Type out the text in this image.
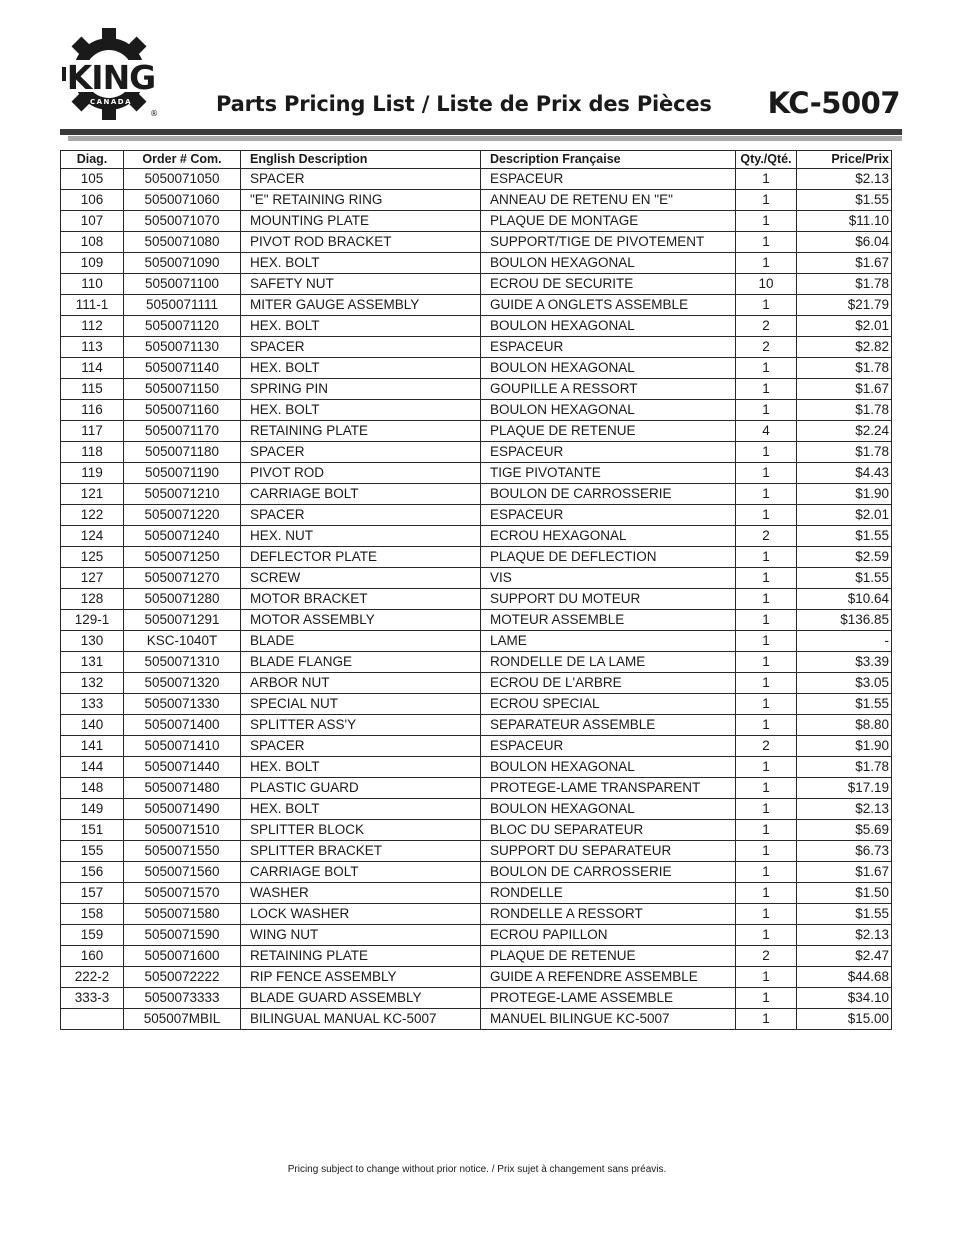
KING
CANADA
®	Parts Pricing List / Liste de Prix des Pièces KC-5007
Diag.	Order # Com.	English Description	Description Française	Qty./Qté.	Price/Prix
105	5050071050	SPACER	ESPACEUR	1	$2.13
106	5050071060	"E" RETAINING RING	ANNEAU DE RETENU EN "E"	1	$1.55
107	5050071070	MOUNTING PLATE	PLAQUE DE MONTAGE	1	$11.10
108	5050071080	PIVOT ROD BRACKET	SUPPORT/TIGE DE PIVOTEMENT	1	$6.04
109	5050071090	HEX. BOLT	BOULON HEXAGONAL	1	$1.67
110	5050071100	SAFETY NUT	ECROU DE SECURITE	10	$1.78
111-1	5050071111	MITER GAUGE ASSEMBLY	GUIDE A ONGLETS ASSEMBLE	1	$21.79
112	5050071120	HEX. BOLT	BOULON HEXAGONAL	2	$2.01
113	5050071130	SPACER	ESPACEUR	2	$2.82
114	5050071140	HEX. BOLT	BOULON HEXAGONAL	1	$1.78
115	5050071150	SPRING PIN	GOUPILLE A RESSORT	1	$1.67
116	5050071160	HEX. BOLT	BOULON HEXAGONAL	1	$1.78
117	5050071170	RETAINING PLATE	PLAQUE DE RETENUE	4	$2.24
118	5050071180	SPACER	ESPACEUR	1	$1.78
119	5050071190	PIVOT ROD	TIGE PIVOTANTE	1	$4.43
121	5050071210	CARRIAGE BOLT	BOULON DE CARROSSERIE	1	$1.90
122	5050071220	SPACER	ESPACEUR	1	$2.01
124	5050071240	HEX. NUT	ECROU HEXAGONAL	2	$1.55
125	5050071250	DEFLECTOR PLATE	PLAQUE DE DEFLECTION	1	$2.59
127	5050071270	SCREW	VIS	1	$1.55
128	5050071280	MOTOR BRACKET	SUPPORT DU MOTEUR	1	$10.64
129-1	5050071291	MOTOR ASSEMBLY	MOTEUR ASSEMBLE	1	$136.85
130	KSC-1040T	BLADE	LAME	1	-
131	5050071310	BLADE FLANGE	RONDELLE DE LA LAME	1	$3.39
132	5050071320	ARBOR NUT	ECROU DE L'ARBRE	1	$3.05
133	5050071330	SPECIAL NUT	ECROU SPECIAL	1	$1.55
140	5050071400	SPLITTER ASS'Y	SEPARATEUR ASSEMBLE	1	$8.80
141	5050071410	SPACER	ESPACEUR	2	$1.90
144	5050071440	HEX. BOLT	BOULON HEXAGONAL	1	$1.78
148	5050071480	PLASTIC GUARD	PROTEGE-LAME TRANSPARENT	1	$17.19
149	5050071490	HEX. BOLT	BOULON HEXAGONAL	1	$2.13
151	5050071510	SPLITTER BLOCK	BLOC DU SEPARATEUR	1	$5.69
155	5050071550	SPLITTER BRACKET	SUPPORT DU SEPARATEUR	1	$6.73
156	5050071560	CARRIAGE BOLT	BOULON DE CARROSSERIE	1	$1.67
157	5050071570	WASHER	RONDELLE	1	$1.50
158	5050071580	LOCK WASHER	RONDELLE A RESSORT	1	$1.55
159	5050071590	WING NUT	ECROU PAPILLON	1	$2.13
160	5050071600	RETAINING PLATE	PLAQUE DE RETENUE	2	$2.47
222-2	5050072222	RIP FENCE ASSEMBLY	GUIDE A REFENDRE ASSEMBLE	1	$44.68
333-3	5050073333	BLADE GUARD ASSEMBLY	PROTEGE-LAME ASSEMBLE	1	$34.10
	505007MBIL	BILINGUAL MANUAL KC-5007	MANUEL BILINGUE KC-5007	1	$15.00
Pricing subject to change without prior notice. / Prix sujet à changement sans préavis.
